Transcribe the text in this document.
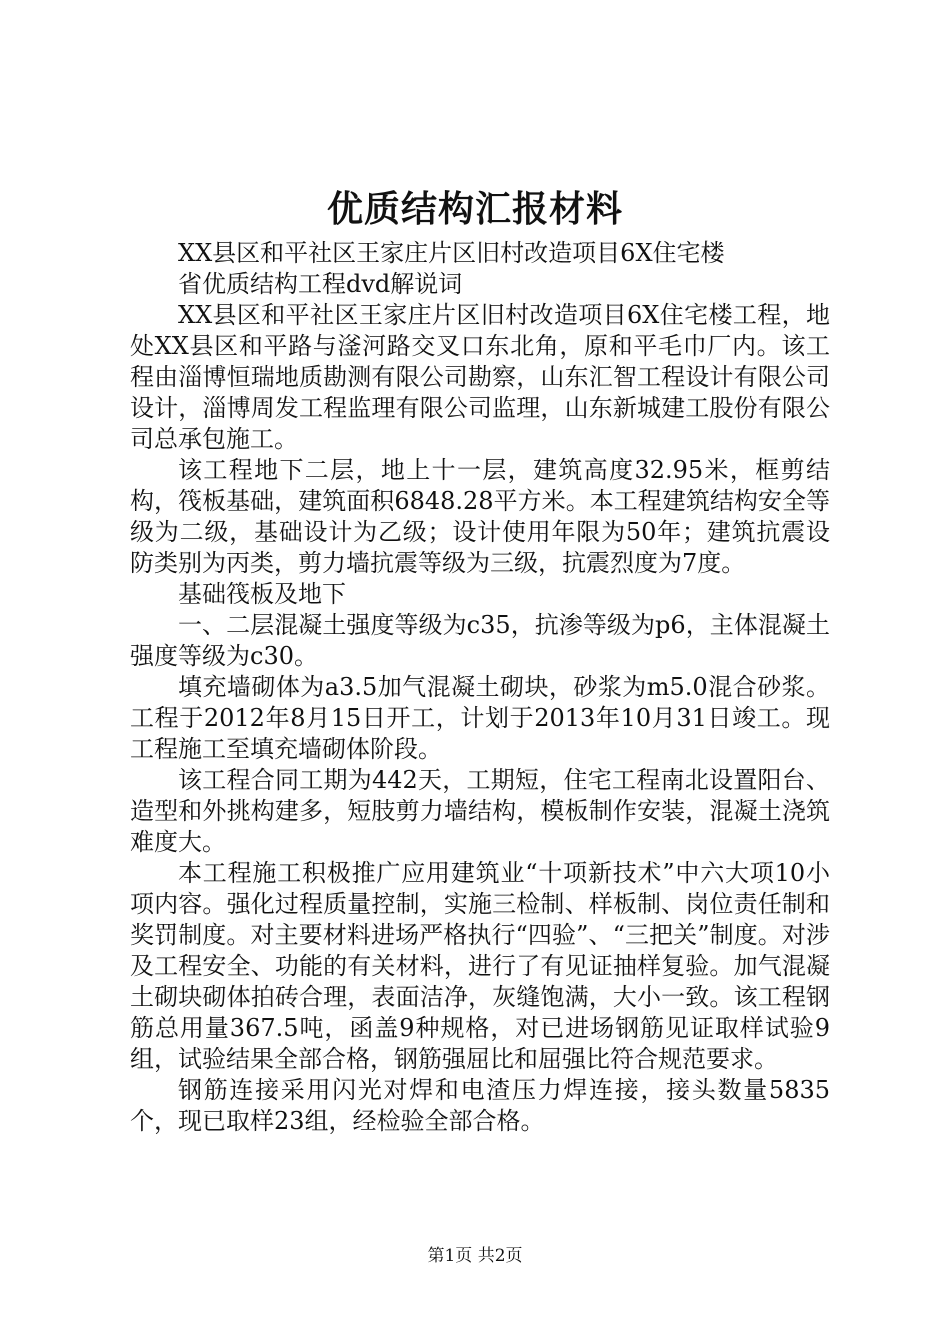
优质结构汇报材料

XX县区和平社区王家庄片区旧村改造项目6X住宅楼

省优质结构工程dvd解说词

XX县区和平社区王家庄片区旧村改造项目6X住宅楼工程，地处XX县区和平路与滏河路交叉口东北角，原和平毛巾厂内。该工程由淄博恒瑞地质勘测有限公司勘察，山东汇智工程设计有限公司设计，淄博周发工程监理有限公司监理，山东新城建工股份有限公司总承包施工。

该工程地下二层，地上十一层，建筑高度32.95米，框剪结构，筏板基础，建筑面积6848.28平方米。本工程建筑结构安全等级为二级，基础设计为乙级；设计使用年限为50年；建筑抗震设防类别为丙类，剪力墙抗震等级为三级，抗震烈度为7度。

基础筏板及地下

一、二层混凝土强度等级为c35，抗渗等级为p6，主体混凝土强度等级为c30。

填充墙砌体为a3.5加气混凝土砌块，砂浆为m5.0混合砂浆。工程于2012年8月15日开工，计划于2013年10月31日竣工。现工程施工至填充墙砌体阶段。

该工程合同工期为442天，工期短，住宅工程南北设置阳台、造型和外挑构建多，短肢剪力墙结构，模板制作安装，混凝土浇筑难度大。

本工程施工积极推广应用建筑业“十项新技术”中六大项10小项内容。强化过程质量控制，实施三检制、样板制、岗位责任制和奖罚制度。对主要材料进场严格执行“四验”、“三把关”制度。对涉及工程安全、功能的有关材料，进行了有见证抽样复验。加气混凝土砌块砌体拍砖合理，表面洁净，灰缝饱满，大小一致。该工程钢筋总用量367.5吨，函盖9种规格，对已进场钢筋见证取样试验9组，试验结果全部合格，钢筋强屈比和屈强比符合规范要求。

钢筋连接采用闪光对焊和电渣压力焊连接，接头数量5835个，现已取样23组，经检验全部合格。

第1页 共2页
